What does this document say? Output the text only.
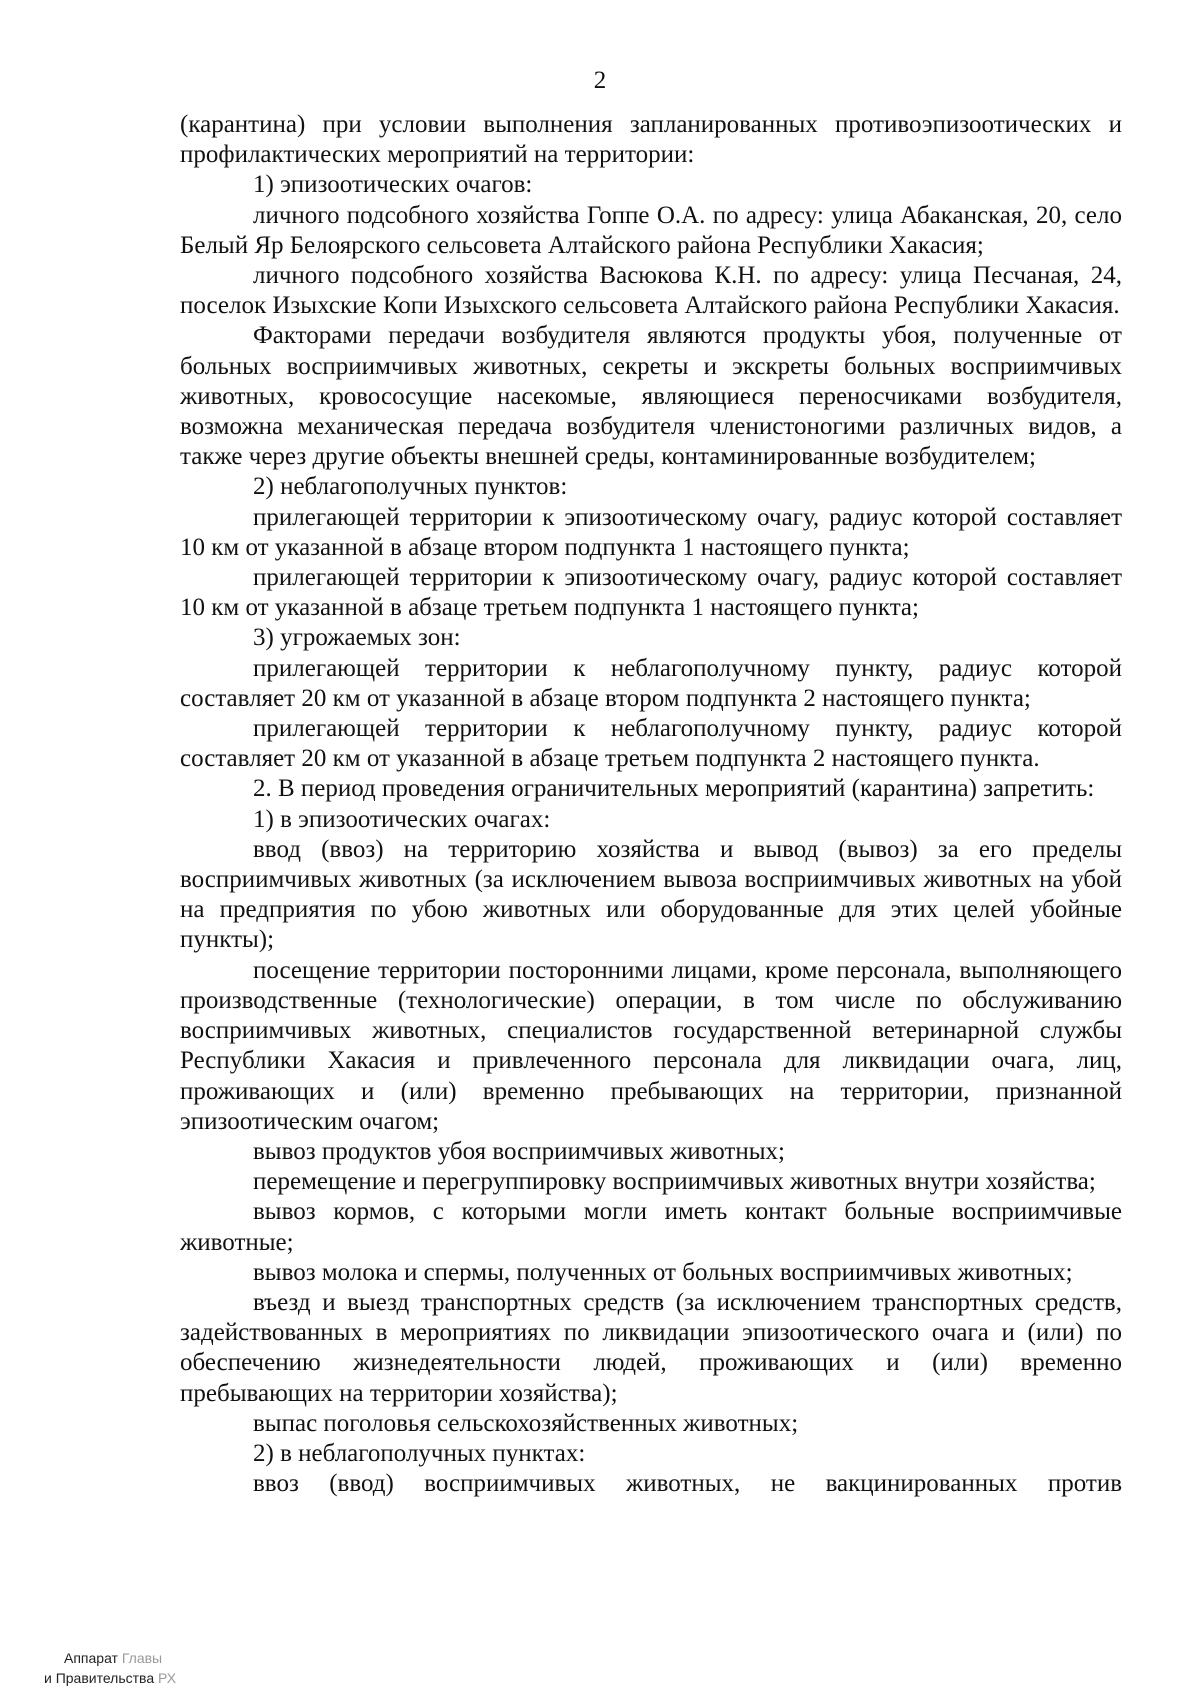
2

(карантина) при условии выполнения запланированных противоэпизоотических и профилактических мероприятий на территории:

1) эпизоотических очагов:

личного подсобного хозяйства Гоппе О.А. по адресу: улица Абаканская, 20, село Белый Яр Белоярского сельсовета Алтайского района Республики Хакасия;

личного подсобного хозяйства Васюкова К.Н. по адресу: улица Песчаная, 24, поселок Изыхские Копи Изыхского сельсовета Алтайского района Республики Хакасия.

Факторами передачи возбудителя являются продукты убоя, полученные от больных восприимчивых животных, секреты и экскреты больных восприимчивых животных, кровососущие насекомые, являющиеся переносчиками возбудителя, возможна механическая передача возбудителя членистоногими различных видов, а также через другие объекты внешней среды, контаминированные возбудителем;

2) неблагополучных пунктов:

прилегающей территории к эпизоотическому очагу, радиус которой составляет 10 км от указанной в абзаце втором подпункта 1 настоящего пункта;

прилегающей территории к эпизоотическому очагу, радиус которой составляет 10 км от указанной в абзаце третьем подпункта 1 настоящего пункта;

3) угрожаемых зон:

прилегающей территории к неблагополучному пункту, радиус которой составляет 20 км от указанной в абзаце втором подпункта 2 настоящего пункта;

прилегающей территории к неблагополучному пункту, радиус которой составляет 20 км от указанной в абзаце третьем подпункта 2 настоящего пункта.

2. В период проведения ограничительных мероприятий (карантина) запретить:

1) в эпизоотических очагах:

ввод (ввоз) на территорию хозяйства и вывод (вывоз) за его пределы восприимчивых животных (за исключением вывоза восприимчивых животных на убой на предприятия по убою животных или оборудованные для этих целей убойные пункты);

посещение территории посторонними лицами, кроме персонала, выполняющего производственные (технологические) операции, в том числе по обслуживанию восприимчивых животных, специалистов государственной ветеринарной службы Республики Хакасия и привлеченного персонала для ликвидации очага, лиц, проживающих и (или) временно пребывающих на территории, признанной эпизоотическим очагом;

вывоз продуктов убоя восприимчивых животных;

перемещение и перегруппировку восприимчивых животных внутри хозяйства;

вывоз кормов, с которыми могли иметь контакт больные восприимчивые животные;

вывоз молока и спермы, полученных от больных восприимчивых животных;

въезд и выезд транспортных средств (за исключением транспортных средств, задействованных в мероприятиях по ликвидации эпизоотического очага и (или) по обеспечению жизнедеятельности людей, проживающих и (или) временно пребывающих на территории хозяйства);

выпас поголовья сельскохозяйственных животных;

2) в неблагополучных пунктах:

ввоз (ввод) восприимчивых животных, не вакцинированных против

Аппарат Главы
и Правительства РХ
